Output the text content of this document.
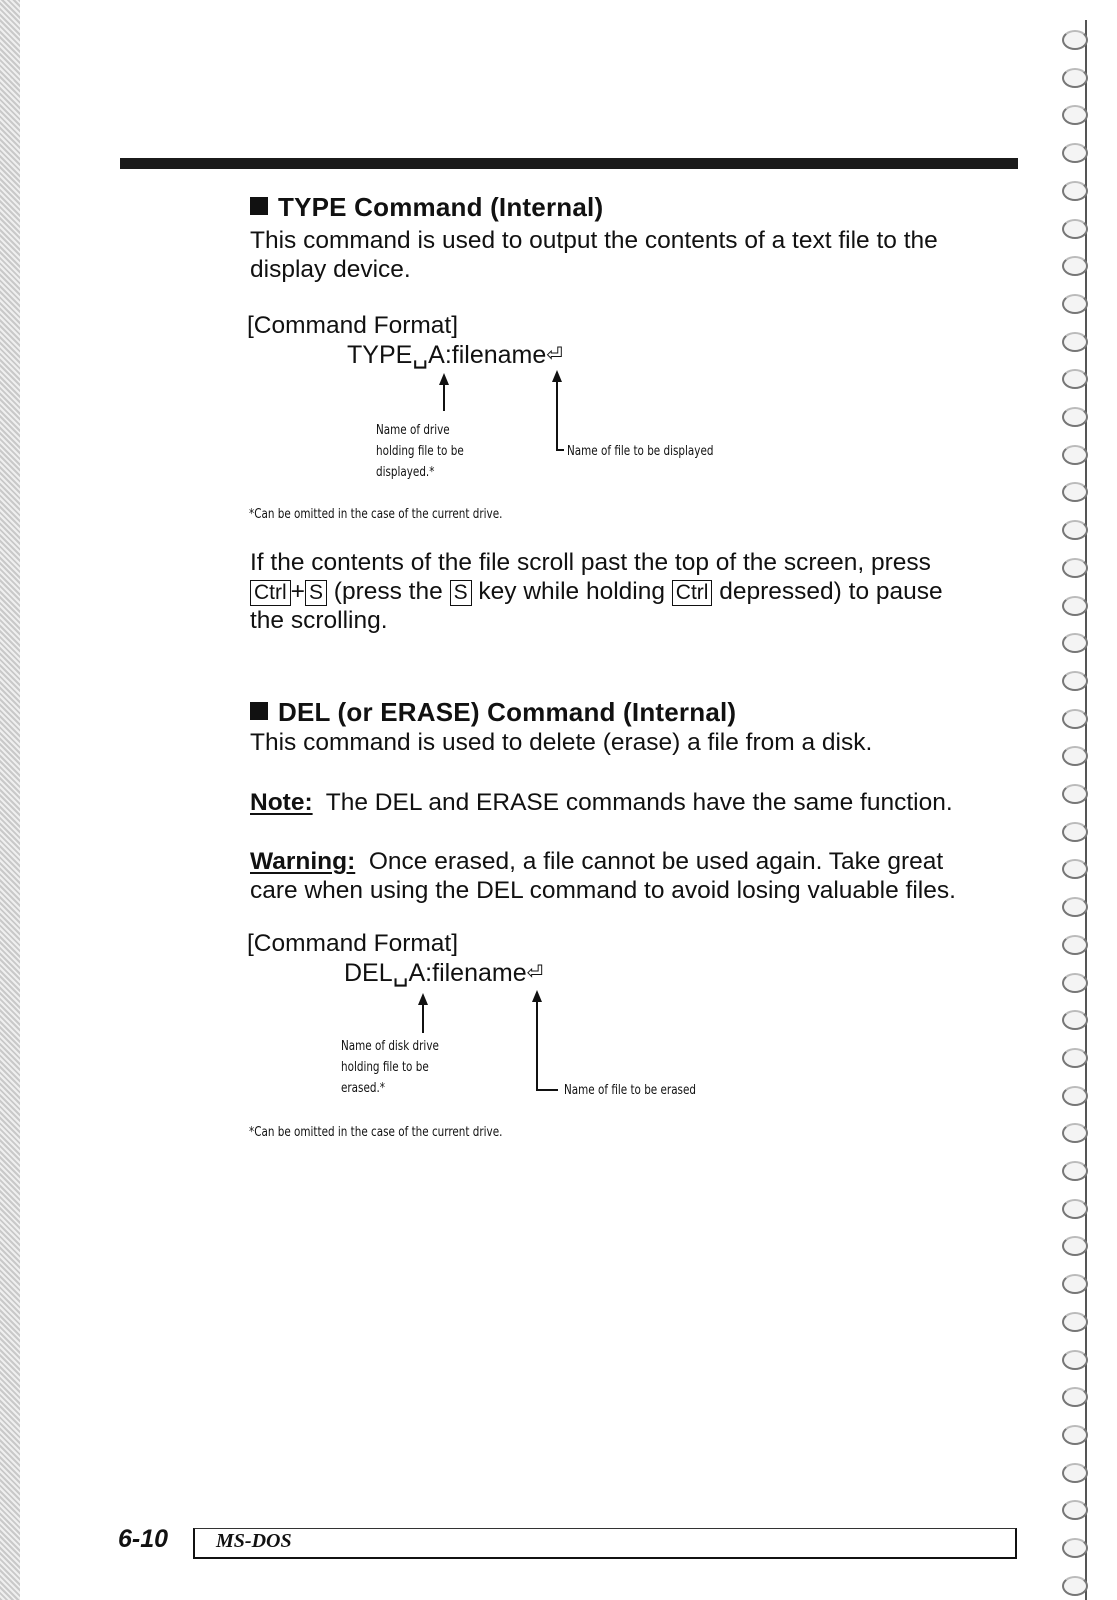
TYPE Command (Internal)
This command is used to output the contents of a text file to the display device.
[Command Format]
TYPE␣A:filename⏎
Name of drive
holding file to be
displayed.*
Name of file to be displayed
*Can be omitted in the case of the current drive.
If the contents of the file scroll past the top of the screen, press
Ctrl + S (press the S key while holding Ctrl depressed) to pause
the scrolling.
DEL (or ERASE) Command (Internal)
This command is used to delete (erase) a file from a disk.
Note: The DEL and ERASE commands have the same function.
Warning: Once erased, a file cannot be used again. Take great
care when using the DEL command to avoid losing valuable files.
[Command Format]
DEL␣A:filename⏎
Name of disk drive
holding file to be
erased.*	Name of file to be erased
*Can be omitted in the case of the current drive.
6-10 MS-DOS
